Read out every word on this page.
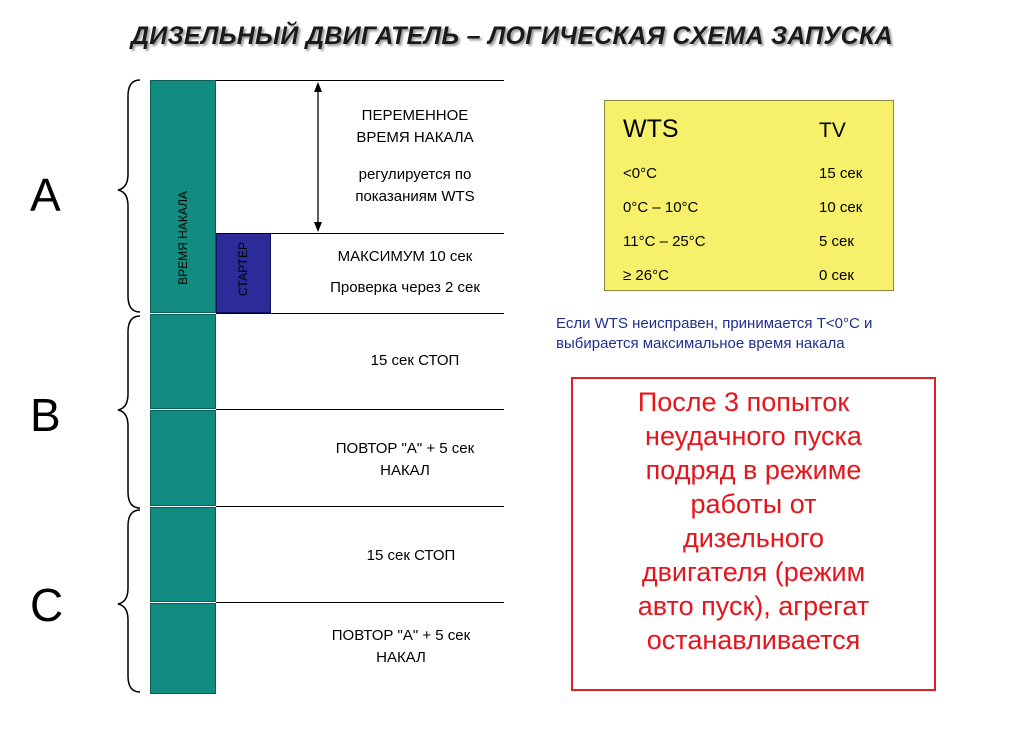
ДИЗЕЛЬНЫЙ ДВИГАТЕЛЬ – ЛОГИЧЕСКАЯ СХЕМА ЗАПУСКА
A
B
C
ВРЕМЯ НАКАЛА	СТАРТЕР
ПЕРЕМЕННОЕ
ВРЕМЯ НАКАЛА
регулируется по
показаниям WTS
МАКСИМУМ 10 сек
Проверка через 2 сек
15 сек СТОП
ПОВТОР "А" + 5 сек
НАКАЛ
15 сек СТОП
ПОВТОР "А" + 5 сек
НАКАЛ
WTS	TV
<0°C	15 сек
0°C – 10°C	10 сек
11°C – 25°C	5 сек
≥ 26°C	0 сек
Если WTS неисправен, принимается T<0°C и
выбирается максимальное время накала
После 3 попыток
неудачного пуска
подряд в режиме
работы от
дизельного
двигателя (режим
авто пуск), агрегат
останавливается
